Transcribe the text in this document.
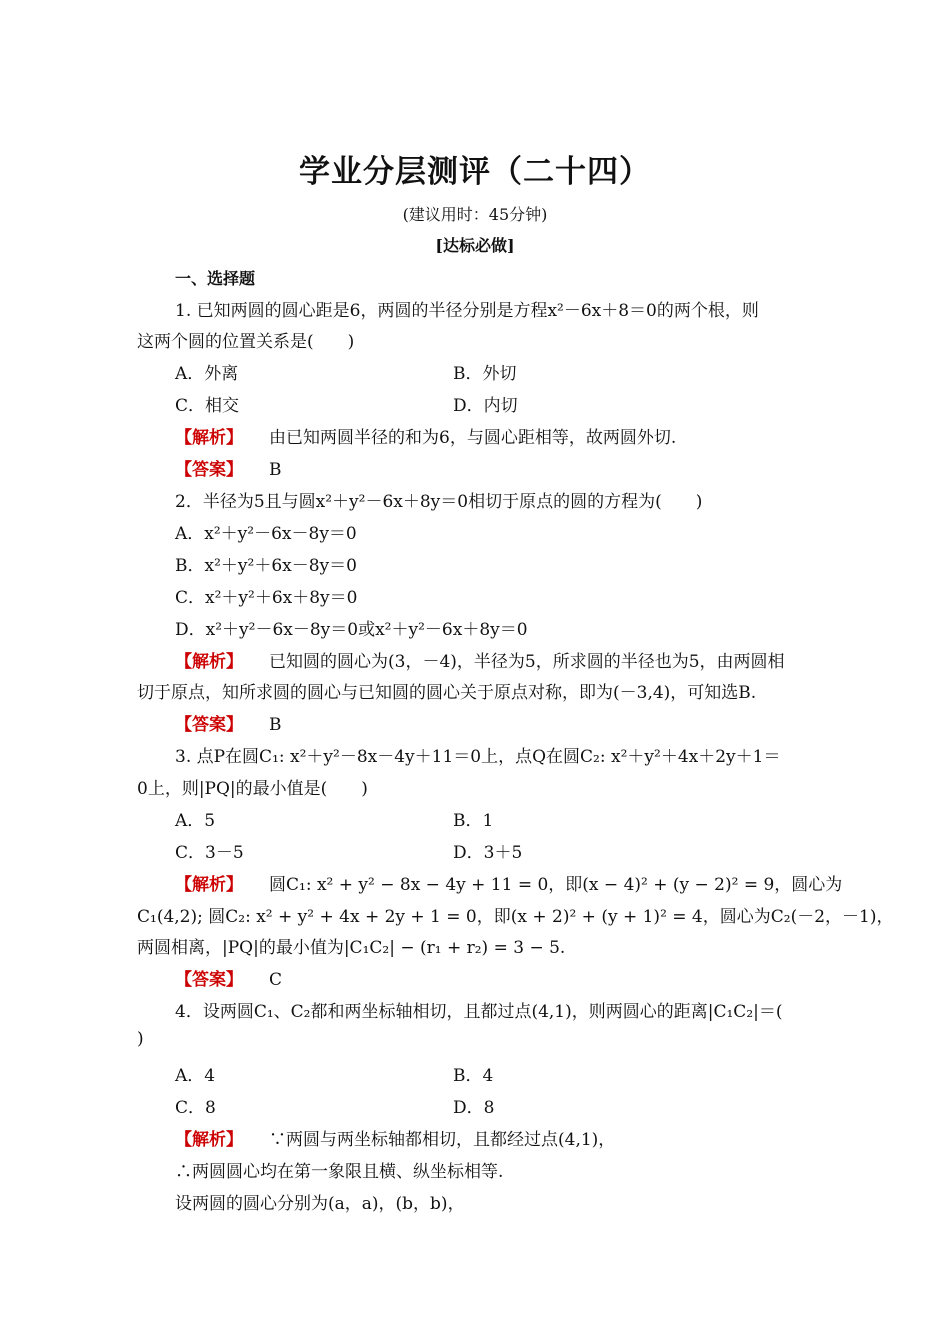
学业分层测评（二十四）
(建议用时：45分钟)
[达标必做]
一、选择题
1. 已知两圆的圆心距是6，两圆的半径分别是方程x²－6x＋8＝0的两个根，则
这两个圆的位置关系是(　　)
A．外离	B．外切
C．相交	D．内切
【解析】 由已知两圆半径的和为6，与圆心距相等，故两圆外切.
【答案】 B
2．半径为5且与圆x²＋y²－6x＋8y＝0相切于原点的圆的方程为(　　)
A．x²＋y²－6x－8y＝0
B．x²＋y²＋6x－8y＝0
C．x²＋y²＋6x＋8y＝0
D．x²＋y²－6x－8y＝0或x²＋y²－6x＋8y＝0
【解析】 已知圆的圆心为(3，－4)，半径为5，所求圆的半径也为5，由两圆相
切于原点，知所求圆的圆心与已知圆的圆心关于原点对称，即为(－3,4)，可知选B.
【答案】 B
3. 点P在圆C₁: x²＋y²－8x－4y＋11＝0上，点Q在圆C₂: x²＋y²＋4x＋2y＋1＝
0上，则|PQ|的最小值是(　　)
A．5	B．1
C．3－5	D．3＋5
【解析】 圆C₁: x² + y² − 8x − 4y + 11 = 0，即(x − 4)² + (y − 2)² = 9，圆心为
C₁(4,2); 圆C₂: x² + y² + 4x + 2y + 1 = 0，即(x + 2)² + (y + 1)² = 4，圆心为C₂(－2，－1)，
两圆相离，|PQ|的最小值为|C₁C₂| − (r₁ + r₂) = 3 − 5.
【答案】 C
4．设两圆C₁、C₂都和两坐标轴相切，且都过点(4,1)，则两圆心的距离|C₁C₂|＝(
)
A．4	B．4
C．8	D．8
【解析】 ∵两圆与两坐标轴都相切，且都经过点(4,1)，
∴两圆圆心均在第一象限且横、纵坐标相等.
设两圆的圆心分别为(a，a)，(b，b)，
